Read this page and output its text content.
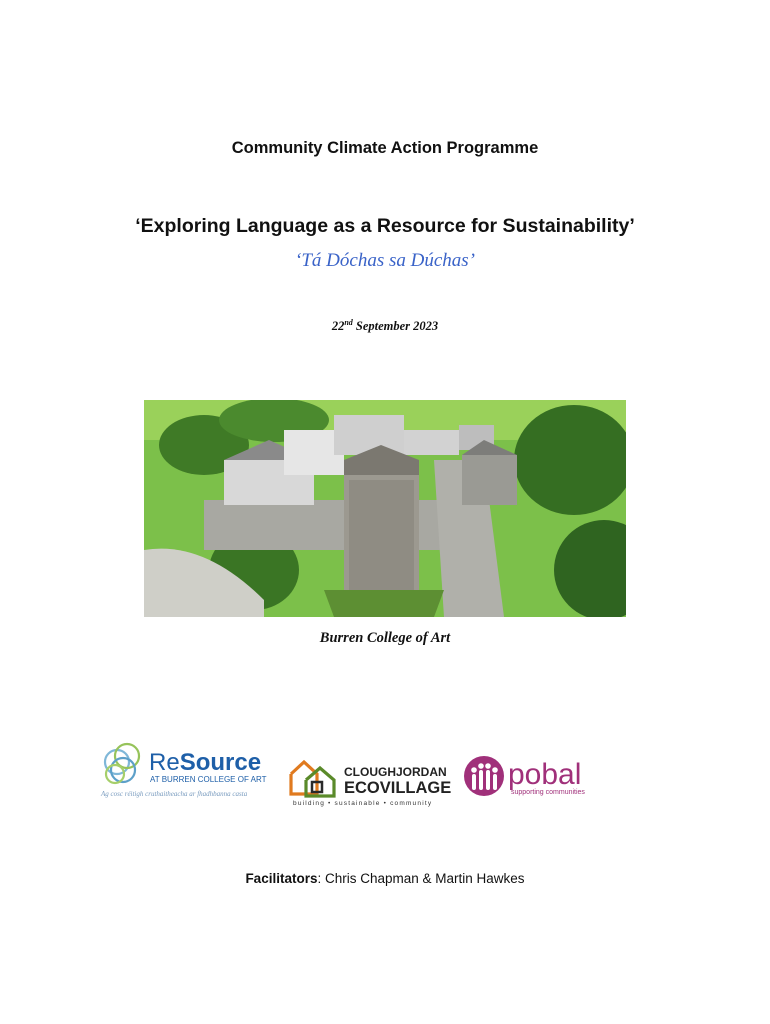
Community Climate Action Programme
‘Exploring Language as a Resource for Sustainability’
‘Tá Dóchas sa Dúchas’
22nd September 2023
Burren College of Art
ReSource
AT BURREN COLLEGE OF ART
Ag cosc réitigh cruthaitheacha ar fhadhbanna casta
CLOUGHJORDAN
ECOVILLAGE
building • sustainable • community
pobal
supporting communities
Facilitators: Chris Chapman & Martin Hawkes
